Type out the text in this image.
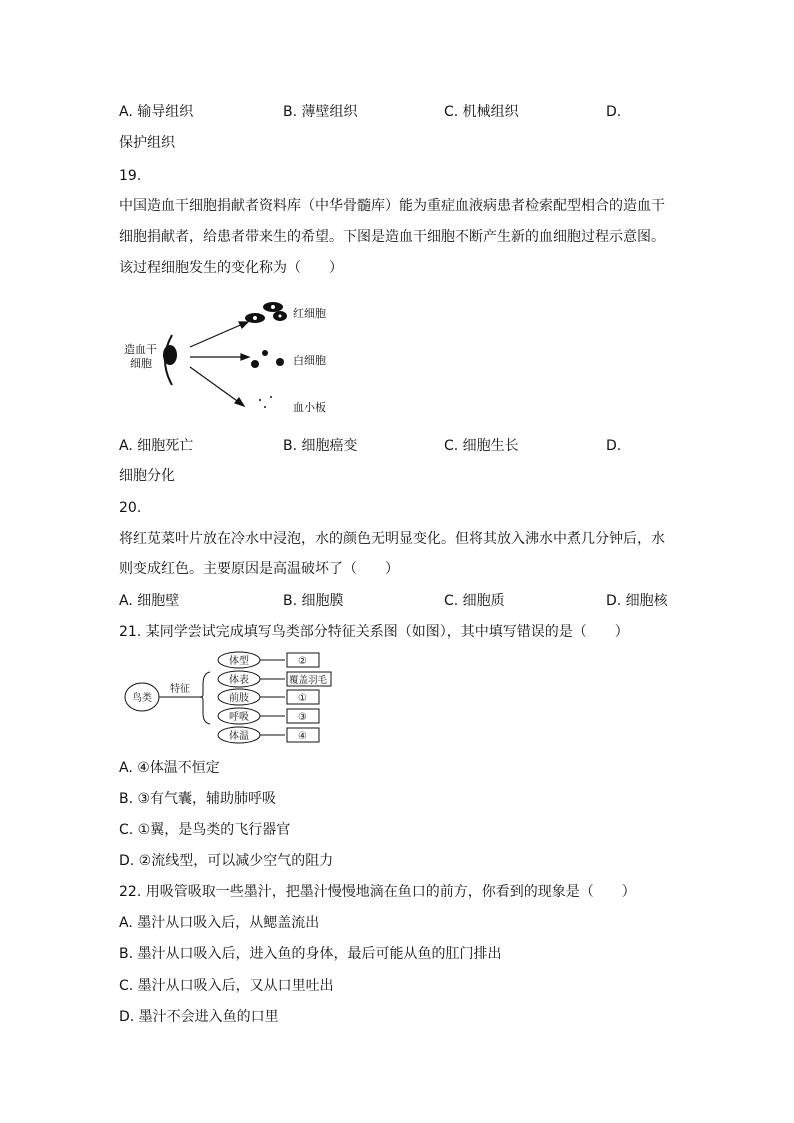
A. 输导组织	B. 薄壁组织	C. 机械组织	D.
保护组织
19.
中国造血干细胞捐献者资料库（中华骨髓库）能为重症血液病患者检索配型相合的造血干
细胞捐献者，给患者带来生的希望。下图是造血干细胞不断产生新的血细胞过程示意图。
该过程细胞发生的变化称为（　　）
造血干
细胞
红细胞
白细胞
血小板
A. 细胞死亡	B. 细胞癌变	C. 细胞生长	D.
细胞分化
20.
将红苋菜叶片放在冷水中浸泡，水的颜色无明显变化。但将其放入沸水中煮几分钟后，水
则变成红色。主要原因是高温破坏了（　　）
A. 细胞壁	B. 细胞膜	C. 细胞质	D. 细胞核
21. 某同学尝试完成填写鸟类部分特征关系图（如图），其中填写错误的是（　　）
鸟类
特征
体型
体表
前肢
呼吸
体温
②
覆盖羽毛
①
③
④
A. ④体温不恒定
B. ③有气囊，辅助肺呼吸
C. ①翼，是鸟类的飞行器官
D. ②流线型，可以减少空气的阻力
22. 用吸管吸取一些墨汁，把墨汁慢慢地滴在鱼口的前方，你看到的现象是（　　）
A. 墨汁从口吸入后，从鳃盖流出
B. 墨汁从口吸入后，进入鱼的身体，最后可能从鱼的肛门排出
C. 墨汁从口吸入后，又从口里吐出
D. 墨汁不会进入鱼的口里
